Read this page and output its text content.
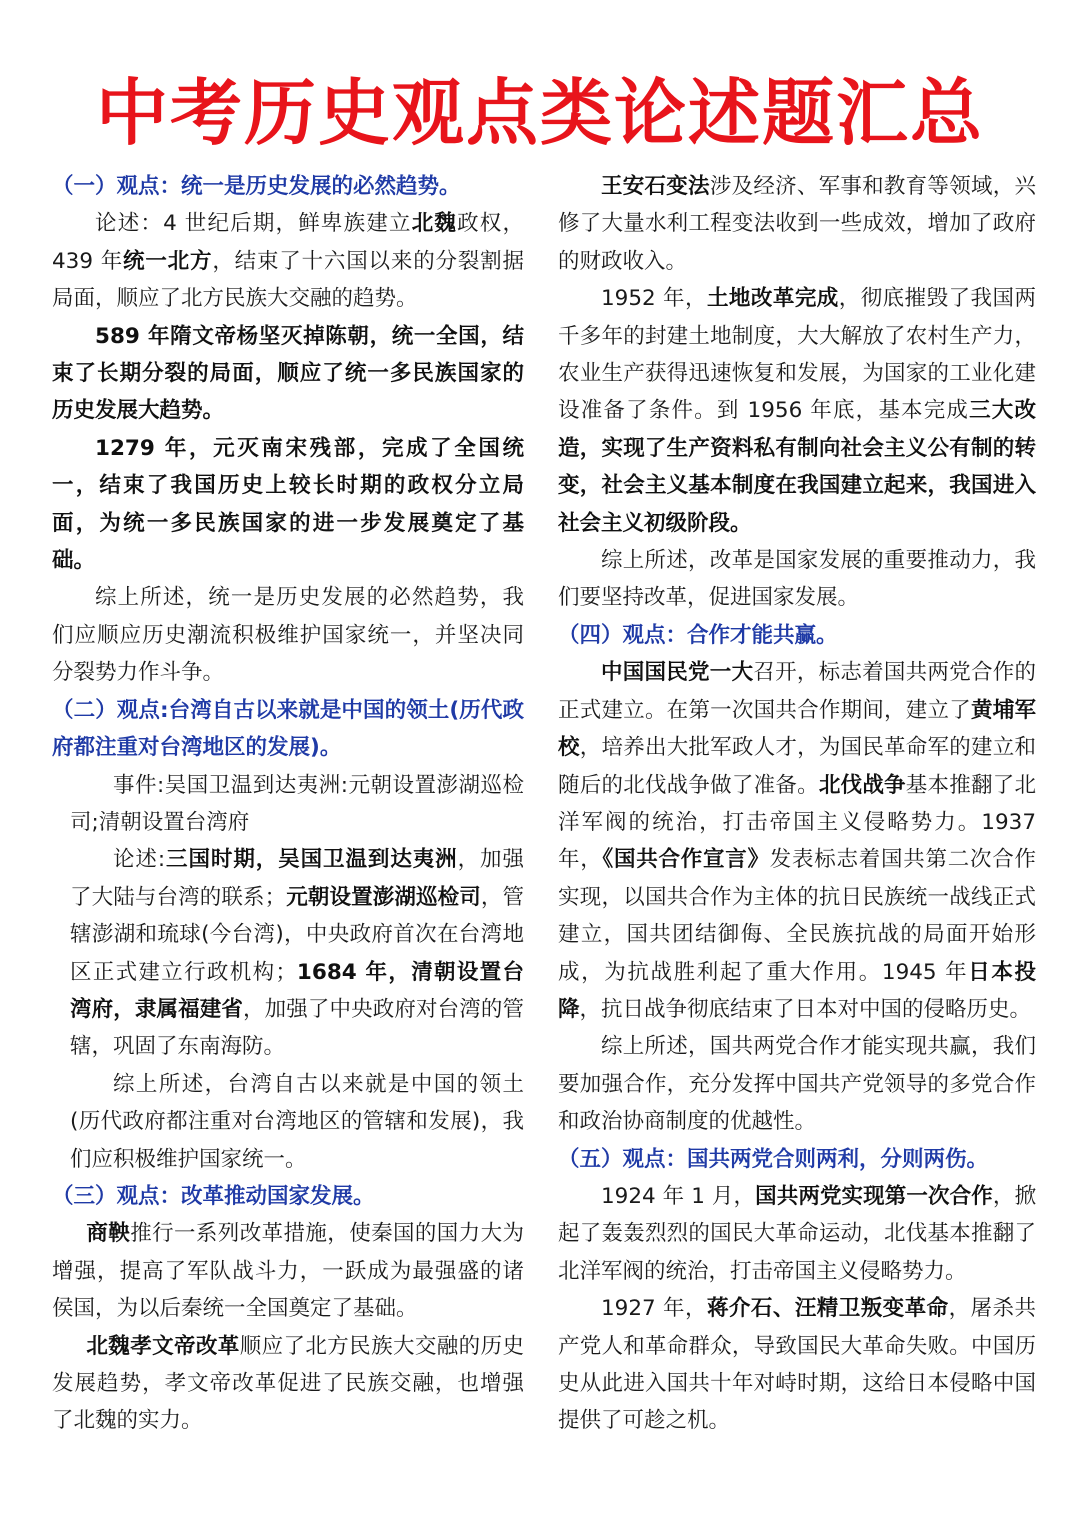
中考历史观点类论述题汇总

（一）观点：统一是历史发展的必然趋势。

论述：4 世纪后期，鲜卑族建立北魏政权，439 年统一北方，结束了十六国以来的分裂割据局面，顺应了北方民族大交融的趋势。

589 年隋文帝杨坚灭掉陈朝，统一全国，结束了长期分裂的局面，顺应了统一多民族国家的历史发展大趋势。

1279 年，元灭南宋残部，完成了全国统一，结束了我国历史上较长时期的政权分立局面，为统一多民族国家的进一步发展奠定了基础。

综上所述，统一是历史发展的必然趋势，我们应顺应历史潮流积极维护国家统一，并坚决同分裂势力作斗争。

（二）观点:台湾自古以来就是中国的领土(历代政府都注重对台湾地区的发展)。

事件:吴国卫温到达夷洲:元朝设置澎湖巡检司;清朝设置台湾府

论述:三国时期，吴国卫温到达夷洲，加强了大陆与台湾的联系；元朝设置澎湖巡检司，管辖澎湖和琉球(今台湾)，中央政府首次在台湾地区正式建立行政机构；1684 年，清朝设置台湾府，隶属福建省，加强了中央政府对台湾的管辖，巩固了东南海防。

综上所述，台湾自古以来就是中国的领土(历代政府都注重对台湾地区的管辖和发展)，我们应积极维护国家统一。

（三）观点：改革推动国家发展。

商鞅推行一系列改革措施，使秦国的国力大为增强，提高了军队战斗力，一跃成为最强盛的诸侯国，为以后秦统一全国奠定了基础。

北魏孝文帝改革顺应了北方民族大交融的历史 发展趋势，孝文帝改革促进了民族交融，也增强了北魏的实力。

王安石变法涉及经济、军事和教育等领域，兴修了大量水利工程变法收到一些成效，增加了政府的财政收入。

1952 年，土地改革完成，彻底摧毁了我国两千多年的封建土地制度，大大解放了农村生产力，农业生产获得迅速恢复和发展，为国家的工业化建设准备了条件。到 1956 年底，基本完成三大改造，实现了生产资料私有制向社会主义公有制的转变，社会主义基本制度在我国建立起来，我国进入社会主义初级阶段。

综上所述，改革是国家发展的重要推动力，我们要坚持改革，促进国家发展。

（四）观点：合作才能共赢。

中国国民党一大召开，标志着国共两党合作的正式建立。在第一次国共合作期间，建立了黄埔军校，培养出大批军政人才，为国民革命军的建立和随后的北伐战争做了准备。北伐战争基本推翻了北洋军阀的统治，打击帝国主义侵略势力。1937 年，《国共合作宣言》发表标志着国共第二次合作实现，以国共合作为主体的抗日民族统一战线正式建立，国共团结御侮、全民族抗战的局面开始形成，为抗战胜利起了重大作用。1945 年日本投降，抗日战争彻底结束了日本对中国的侵略历史。

综上所述，国共两党合作才能实现共赢，我们要加强合作，充分发挥中国共产党领导的多党合作和政治协商制度的优越性。

（五）观点：国共两党合则两利，分则两伤。

1924 年 1 月，国共两党实现第一次合作，掀起了轰轰烈烈的国民大革命运动，北伐基本推翻了北洋军阀的统治，打击帝国主义侵略势力。

1927 年，蒋介石、汪精卫叛变革命，屠杀共产党人和革命群众，导致国民大革命失败。中国历史从此进入国共十年对峙时期，这给日本侵略中国提供了可趁之机。
